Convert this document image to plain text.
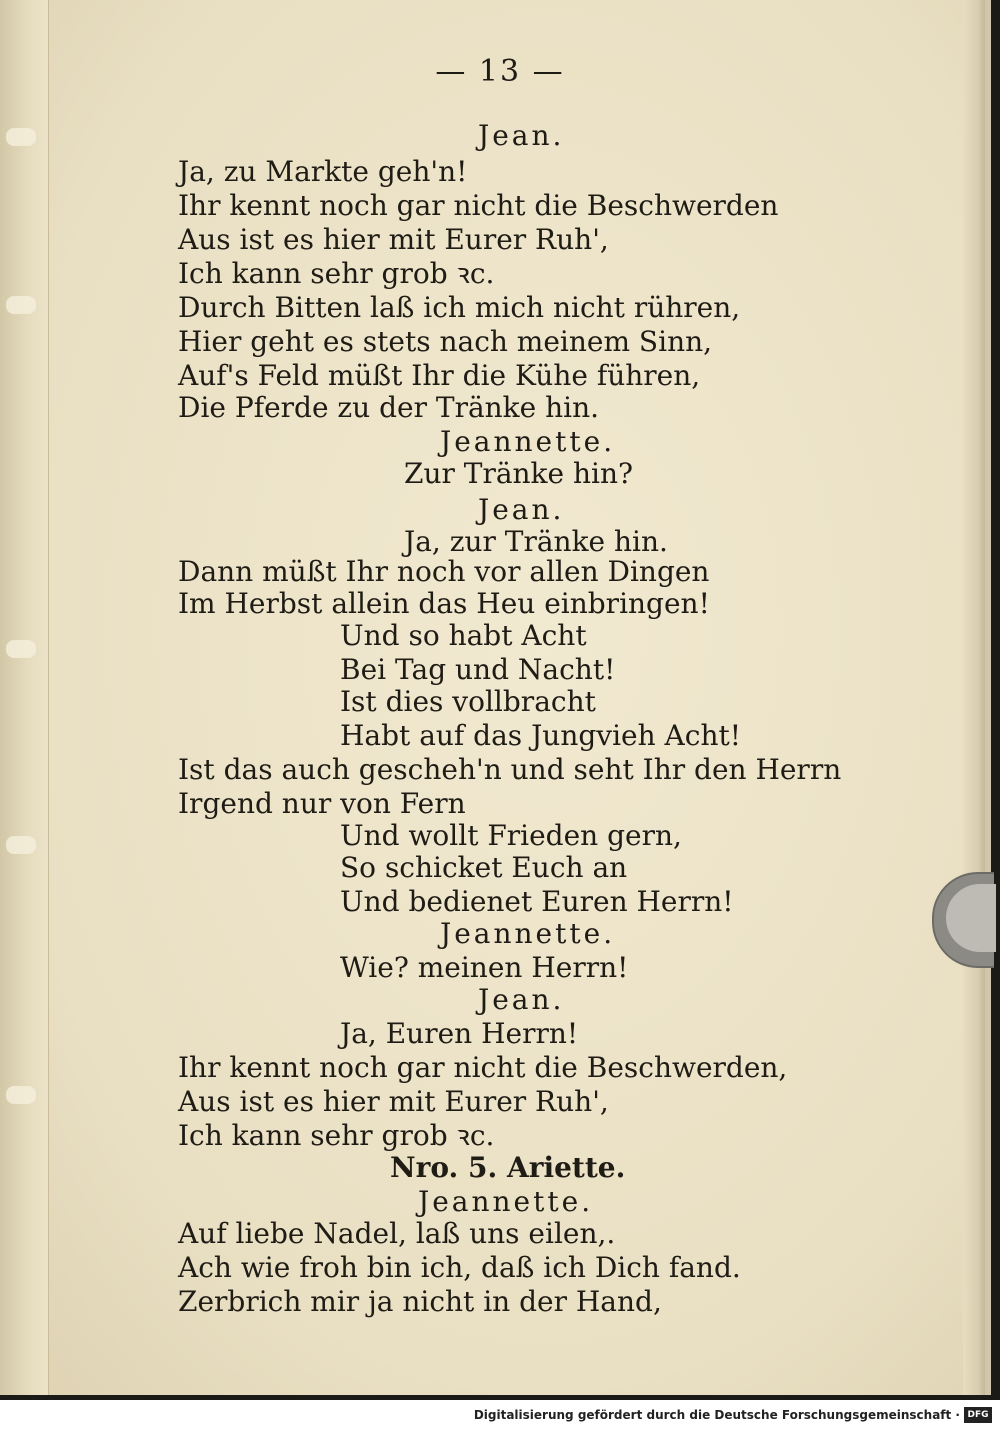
— 13 —
Jean.
Ja, zu Markte geh'n!
Ihr kennt noch gar nicht die Beschwerden
Aus ist es hier mit Eurer Ruh',
Ich kann sehr grob ꝛc.
Durch Bitten laß ich mich nicht rühren,
Hier geht es stets nach meinem Sinn,
Auf's Feld müßt Ihr die Kühe führen,
Die Pferde zu der Tränke hin.
Jeannette.
Zur Tränke hin?
Jean.
Ja, zur Tränke hin.
Dann müßt Ihr noch vor allen Dingen
Im Herbst allein das Heu einbringen!
Und so habt Acht
Bei Tag und Nacht!
Ist dies vollbracht
Habt auf das Jungvieh Acht!
Ist das auch gescheh'n und seht Ihr den Herrn
Irgend nur von Fern
Und wollt Frieden gern,
So schicket Euch an
Und bedienet Euren Herrn!
Jeannette.
Wie? meinen Herrn!
Jean.
Ja, Euren Herrn!
Ihr kennt noch gar nicht die Beschwerden,
Aus ist es hier mit Eurer Ruh',
Ich kann sehr grob ꝛc.
Nro. 5. Ariette.
Jeannette.
Auf liebe Nadel, laß uns eilen,.
Ach wie froh bin ich, daß ich Dich fand.
Zerbrich mir ja nicht in der Hand,
Digitalisierung gefördert durch die Deutsche Forschungsgemeinschaft · DFG
